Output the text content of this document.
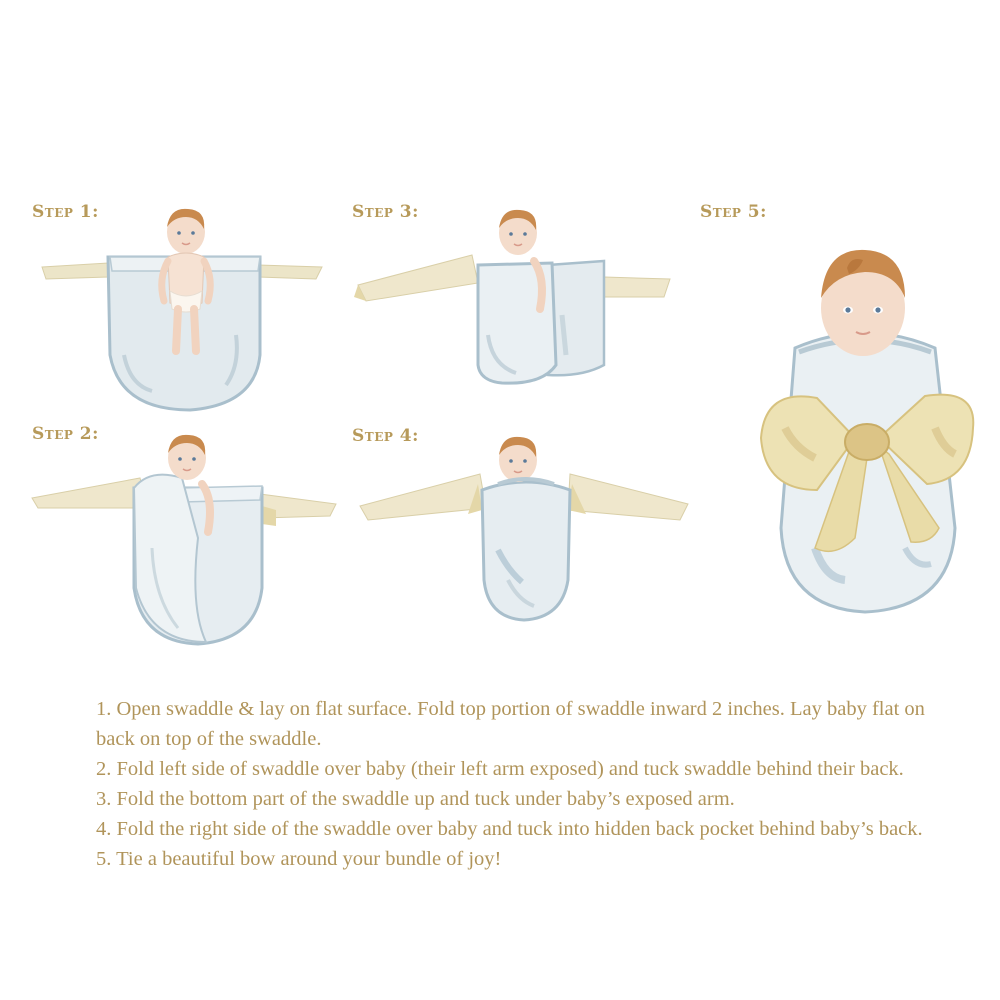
Step 1:
Step 2:
Step 3:
Step 4:
Step 5:

1. Open swaddle & lay on flat surface. Fold top portion of swaddle inward 2 inches. Lay baby flat on back on top of the swaddle.

2. Fold left side of swaddle over baby (their left arm exposed) and tuck swaddle behind their back.

3. Fold the bottom part of the swaddle up and tuck under baby’s exposed arm.

4. Fold the right side of the swaddle over baby and tuck into hidden back pocket behind baby’s back.

5. Tie a beautiful bow around your bundle of joy!
